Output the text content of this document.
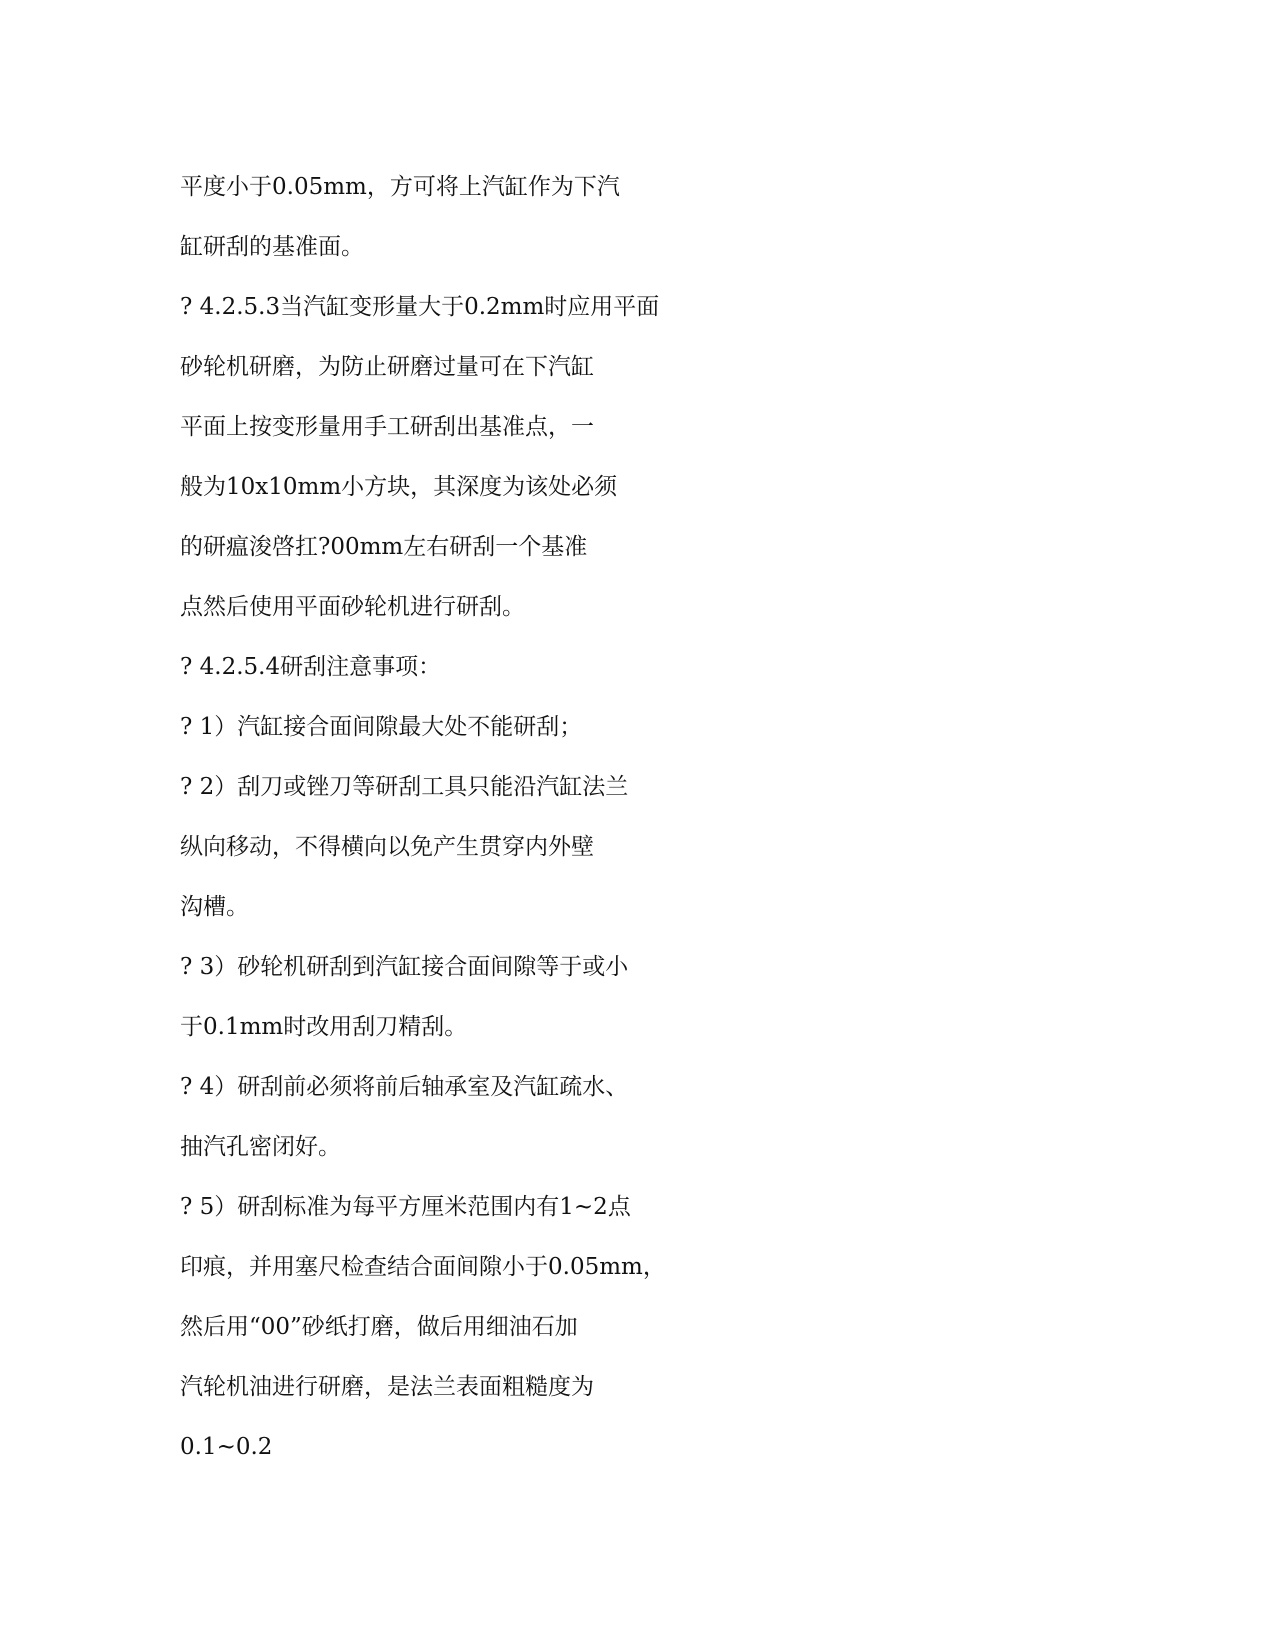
平度小于0.05mm，方可将上汽缸作为下汽
缸研刮的基准面。
? 4.2.5.3当汽缸变形量大于0.2mm时应用平面
砂轮机研磨，为防止研磨过量可在下汽缸
平面上按变形量用手工研刮出基准点，一
般为10x10mm小方块，其深度为该处必须
的研瘟浚啓扛?00mm左右研刮一个基准
点然后使用平面砂轮机进行研刮。
? 4.2.5.4研刮注意事项：
? 1）汽缸接合面间隙最大处不能研刮；
? 2）刮刀或锉刀等研刮工具只能沿汽缸法兰
纵向移动，不得横向以免产生贯穿内外壁
沟槽。
? 3）砂轮机研刮到汽缸接合面间隙等于或小
于0.1mm时改用刮刀精刮。
? 4）研刮前必须将前后轴承室及汽缸疏水、
抽汽孔密闭好。
? 5）研刮标准为每平方厘米范围内有1~2点
印痕，并用塞尺检查结合面间隙小于0.05mm，
然后用“00”砂纸打磨，做后用细油石加
汽轮机油进行研磨，是法兰表面粗糙度为
0.1~0.2
